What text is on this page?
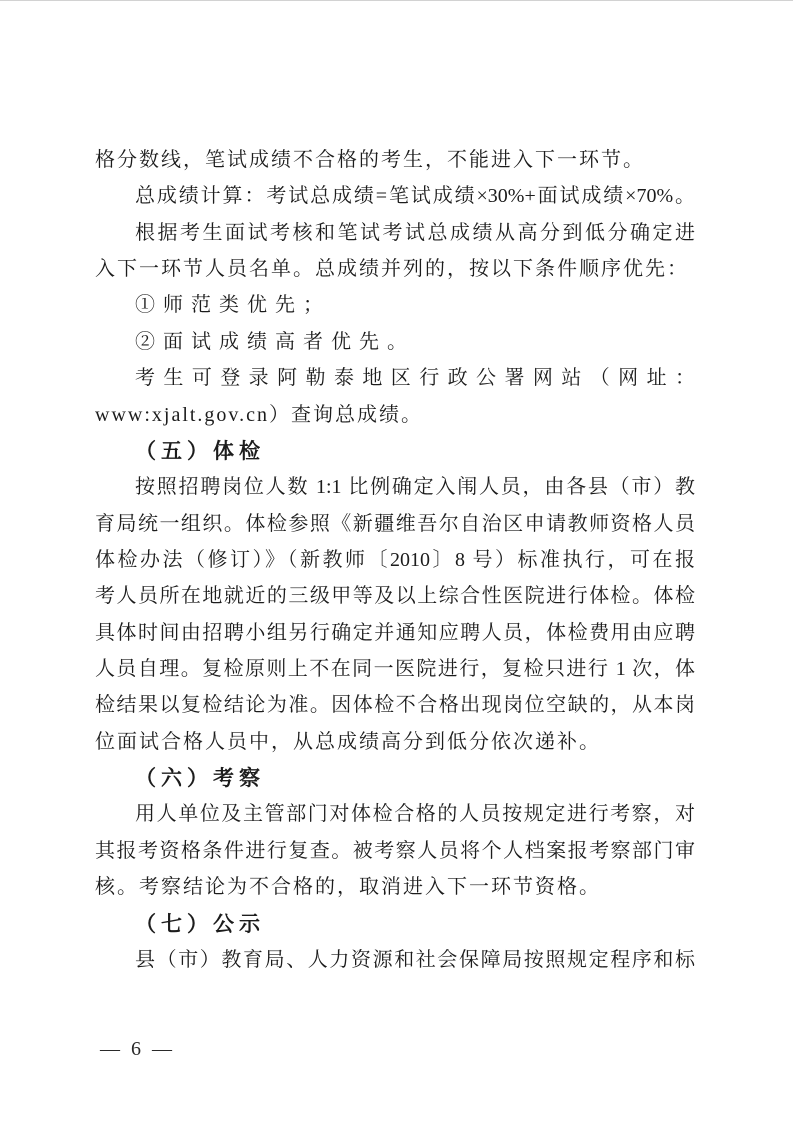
格分数线，笔试成绩不合格的考生，不能进入下一环节。
总成绩计算：考试总成绩=笔试成绩×30%+面试成绩×70%。
根据考生面试考核和笔试考试总成绩从高分到低分确定进
入下一环节人员名单。总成绩并列的，按以下条件顺序优先：
①师范类优先；
②面试成绩高者优先。
考生可登录阿勒泰地区行政公署网站（网址：
www:xjalt.gov.cn）查询总成绩。
（五）体检
按照招聘岗位人数 1:1 比例确定入闱人员，由各县（市）教
育局统一组织。体检参照《新疆维吾尔自治区申请教师资格人员
体检办法（修订）》（新教师〔2010〕8 号）标准执行，可在报
考人员所在地就近的三级甲等及以上综合性医院进行体检。体检
具体时间由招聘小组另行确定并通知应聘人员，体检费用由应聘
人员自理。复检原则上不在同一医院进行，复检只进行 1 次，体
检结果以复检结论为准。因体检不合格出现岗位空缺的，从本岗
位面试合格人员中，从总成绩高分到低分依次递补。
（六）考察
用人单位及主管部门对体检合格的人员按规定进行考察，对
其报考资格条件进行复查。被考察人员将个人档案报考察部门审
核。考察结论为不合格的，取消进入下一环节资格。
（七）公示
县（市）教育局、人力资源和社会保障局按照规定程序和标
— 6 —
